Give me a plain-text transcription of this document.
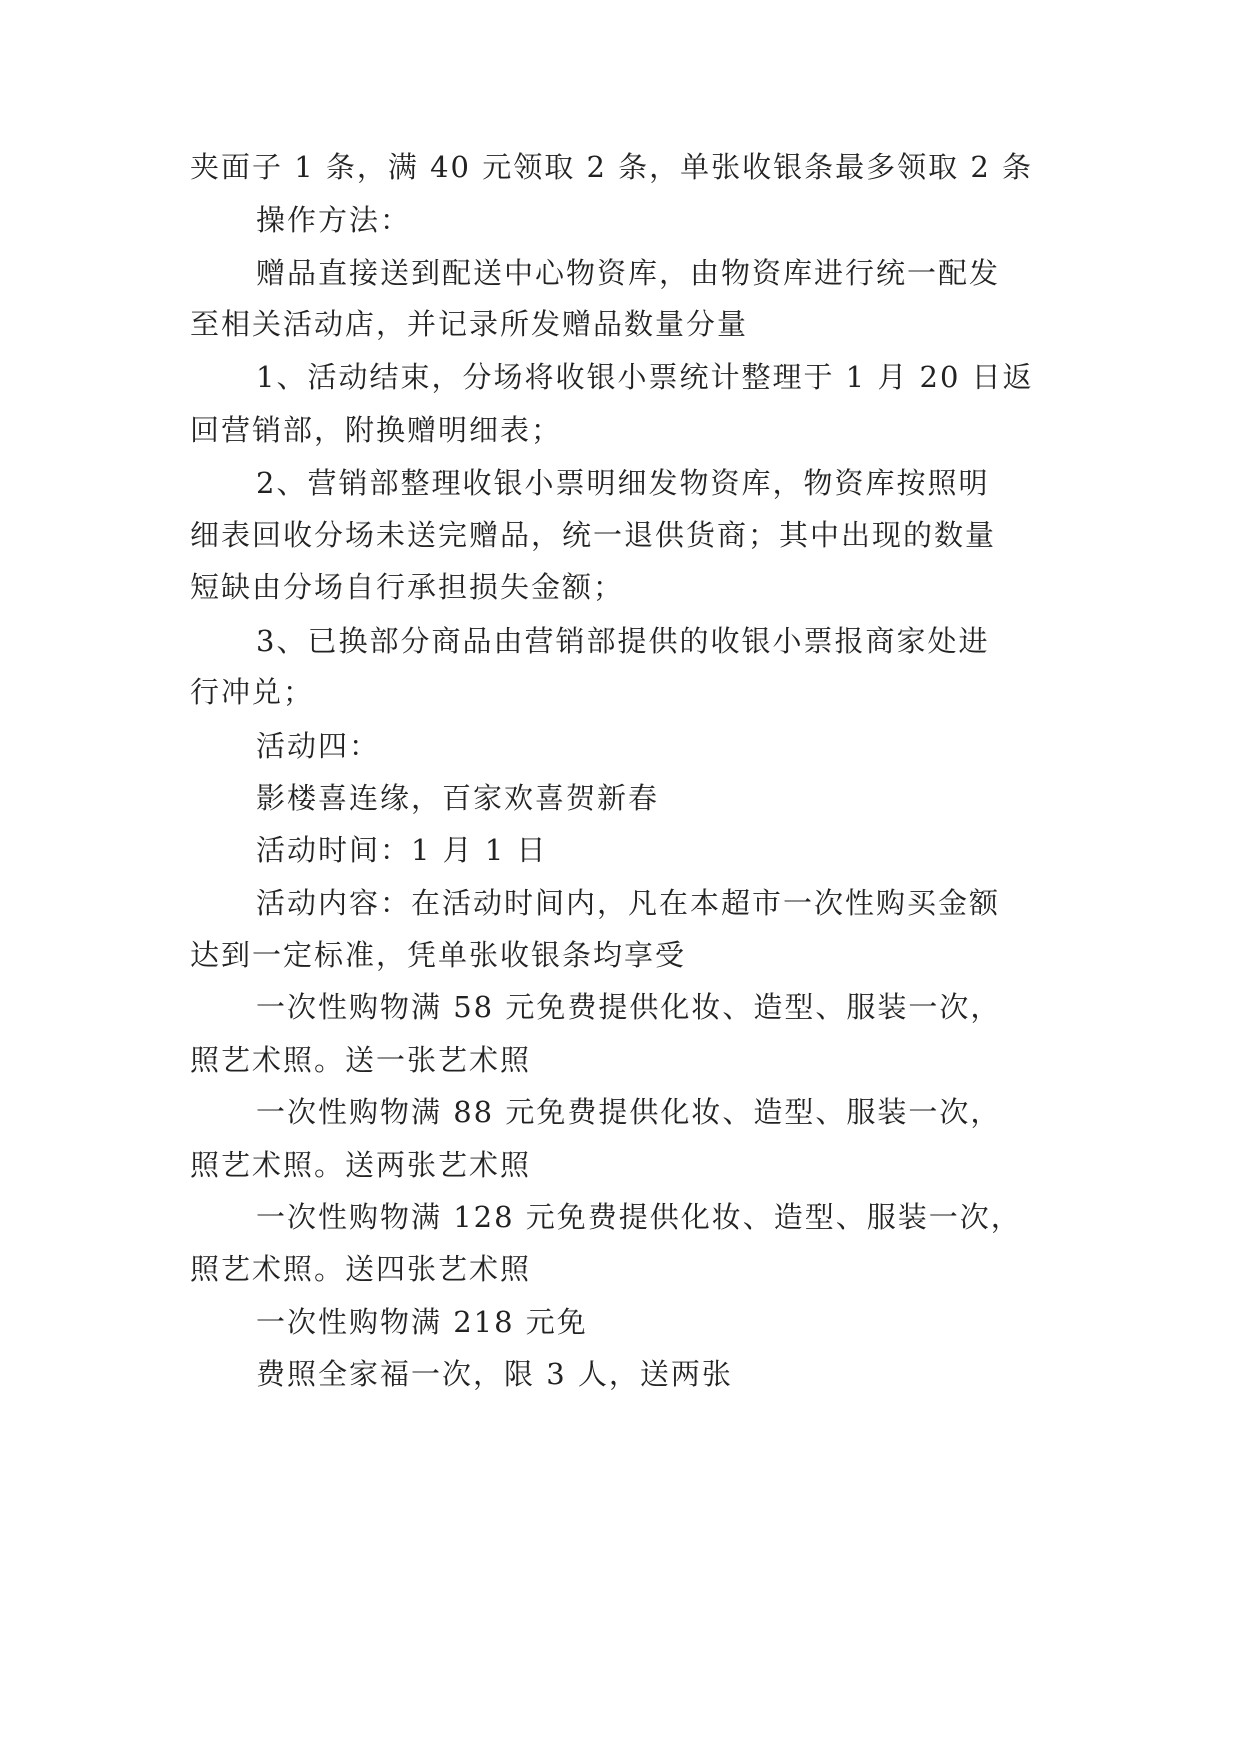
夹面子 1 条，满 40 元领取 2 条，单张收银条最多领取 2 条
操作方法：
赠品直接送到配送中心物资库，由物资库进行统一配发
至相关活动店，并记录所发赠品数量分量
1、活动结束，分场将收银小票统计整理于 1 月 20 日返
回营销部，附换赠明细表；
2、营销部整理收银小票明细发物资库，物资库按照明
细表回收分场未送完赠品，统一退供货商；其中出现的数量
短缺由分场自行承担损失金额；
3、已换部分商品由营销部提供的收银小票报商家处进
行冲兑；
活动四：
影楼喜连缘，百家欢喜贺新春
活动时间：1 月 1 日
活动内容：在活动时间内，凡在本超市一次性购买金额
达到一定标准，凭单张收银条均享受
一次性购物满 58 元免费提供化妆、造型、服装一次，
照艺术照。送一张艺术照
一次性购物满 88 元免费提供化妆、造型、服装一次，
照艺术照。送两张艺术照
一次性购物满 128 元免费提供化妆、造型、服装一次，
照艺术照。送四张艺术照
一次性购物满 218 元免
费照全家福一次，限 3 人，送两张
